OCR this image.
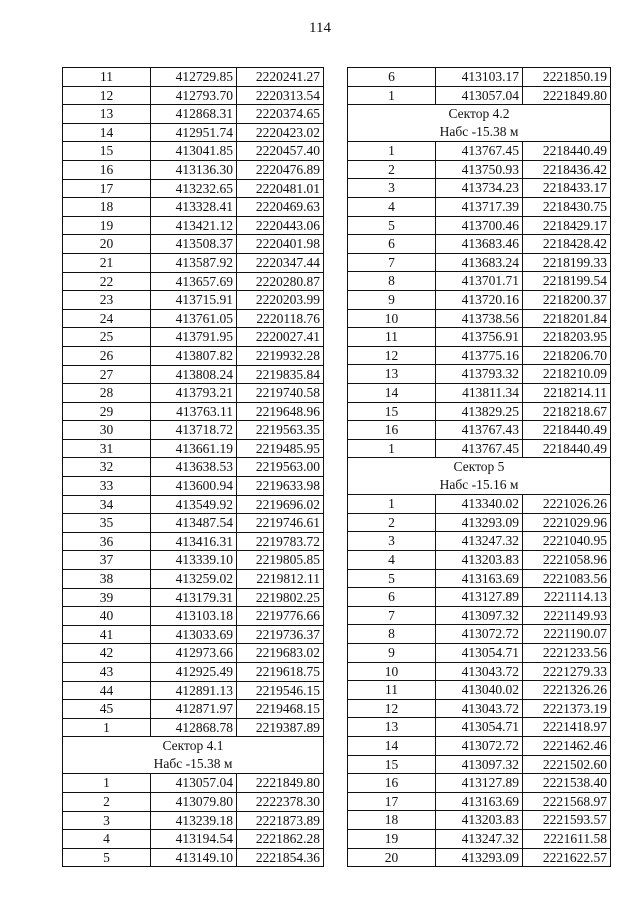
114
11	412729.85	2220241.27
12	412793.70	2220313.54
13	412868.31	2220374.65
14	412951.74	2220423.02
15	413041.85	2220457.40
16	413136.30	2220476.89
17	413232.65	2220481.01
18	413328.41	2220469.63
19	413421.12	2220443.06
20	413508.37	2220401.98
21	413587.92	2220347.44
22	413657.69	2220280.87
23	413715.91	2220203.99
24	413761.05	2220118.76
25	413791.95	2220027.41
26	413807.82	2219932.28
27	413808.24	2219835.84
28	413793.21	2219740.58
29	413763.11	2219648.96
30	413718.72	2219563.35
31	413661.19	2219485.95
32	413638.53	2219563.00
33	413600.94	2219633.98
34	413549.92	2219696.02
35	413487.54	2219746.61
36	413416.31	2219783.72
37	413339.10	2219805.85
38	413259.02	2219812.11
39	413179.31	2219802.25
40	413103.18	2219776.66
41	413033.69	2219736.37
42	412973.66	2219683.02
43	412925.49	2219618.75
44	412891.13	2219546.15
45	412871.97	2219468.15
1	412868.78	2219387.89

Сектор 4.1
Набс -15.38 м		

1	413057.04	2221849.80
2	413079.80	2222378.30
3	413239.18	2221873.89
4	413194.54	2221862.28
5	413149.10	2221854.36
6	413103.17	2221850.19
1	413057.04	2221849.80

Сектор 4.2
Набс -15.38 м		

1	413767.45	2218440.49
2	413750.93	2218436.42
3	413734.23	2218433.17
4	413717.39	2218430.75
5	413700.46	2218429.17
6	413683.46	2218428.42
7	413683.24	2218199.33
8	413701.71	2218199.54
9	413720.16	2218200.37
10	413738.56	2218201.84
11	413756.91	2218203.95
12	413775.16	2218206.70
13	413793.32	2218210.09
14	413811.34	2218214.11
15	413829.25	2218218.67
16	413767.43	2218440.49
1	413767.45	2218440.49

Сектор 5
Набс -15.16 м		

1	413340.02	2221026.26
2	413293.09	2221029.96
3	413247.32	2221040.95
4	413203.83	2221058.96
5	413163.69	2221083.56
6	413127.89	2221114.13
7	413097.32	2221149.93
8	413072.72	2221190.07
9	413054.71	2221233.56
10	413043.72	2221279.33
11	413040.02	2221326.26
12	413043.72	2221373.19
13	413054.71	2221418.97
14	413072.72	2221462.46
15	413097.32	2221502.60
16	413127.89	2221538.40
17	413163.69	2221568.97
18	413203.83	2221593.57
19	413247.32	2221611.58
20	413293.09	2221622.57
